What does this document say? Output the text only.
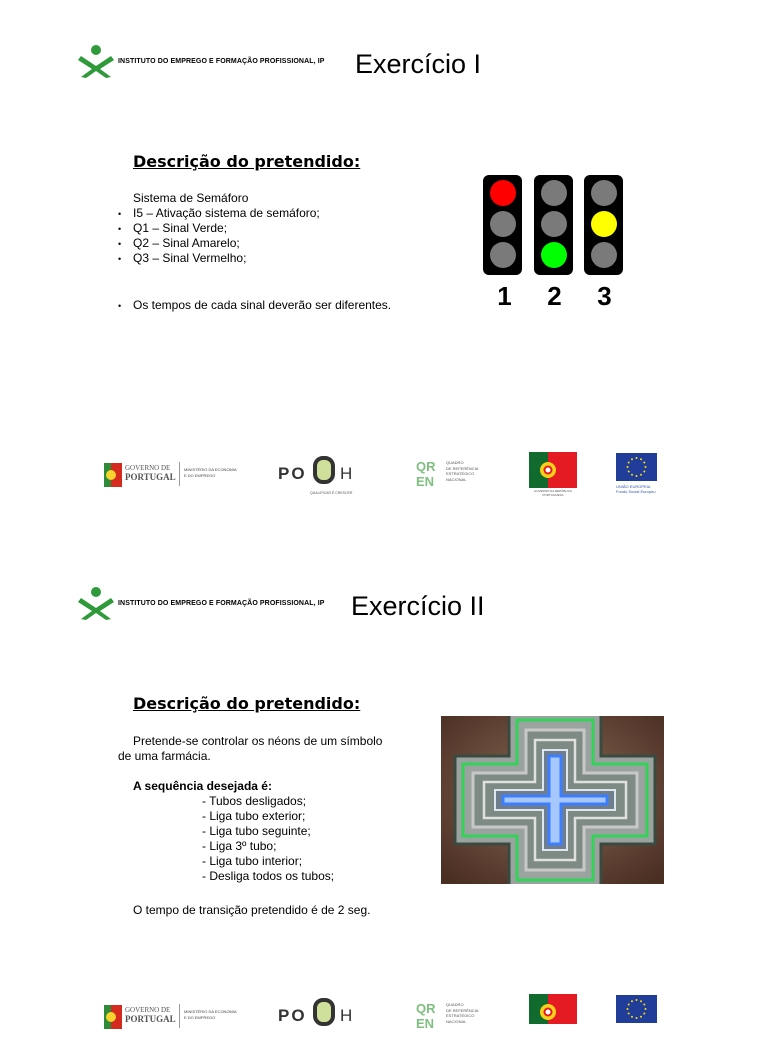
INSTITUTO DO EMPREGO E FORMAÇÃO PROFISSIONAL, IP Exercício I
Descrição do pretendido:
Sistema de Semáforo
• I5 – Ativação sistema de semáforo;
• Q1 – Sinal Verde;
• Q2 – Sinal Amarelo;
• Q3 – Sinal Vermelho;
• Os tempos de cada sinal deverão ser diferentes.	1	2	3
GOVERNO DE
PORTUGAL
MINISTÉRIO DA ECONOMIA
E DO EMPREGO	PO H
QUALIFICAR É CRESCER
QR
EN
QUADRO
DE REFERÊNCIA
ESTRATÉGICO
NACIONAL
GOVERNO DA REPÚBLICA PORTUGUESA
UNIÃO EUROPEIA
Fundo Social Europeu
INSTITUTO DO EMPREGO E FORMAÇÃO PROFISSIONAL, IP Exercício II
Descrição do pretendido:
Pretende-se controlar os néons de um símbolo
de uma farmácia.
A sequência desejada é:
- Tubos desligados;
- Liga tubo exterior;
- Liga tubo seguinte;
- Liga 3º tubo;
- Liga tubo interior;
- Desliga todos os tubos;
O tempo de transição pretendido é de 2 seg.
GOVERNO DE
PORTUGAL
MINISTÉRIO DA ECONOMIA
E DO EMPREGO	PO H	QR
EN
QUADRO
DE REFERÊNCIA
ESTRATÉGICO
NACIONAL
